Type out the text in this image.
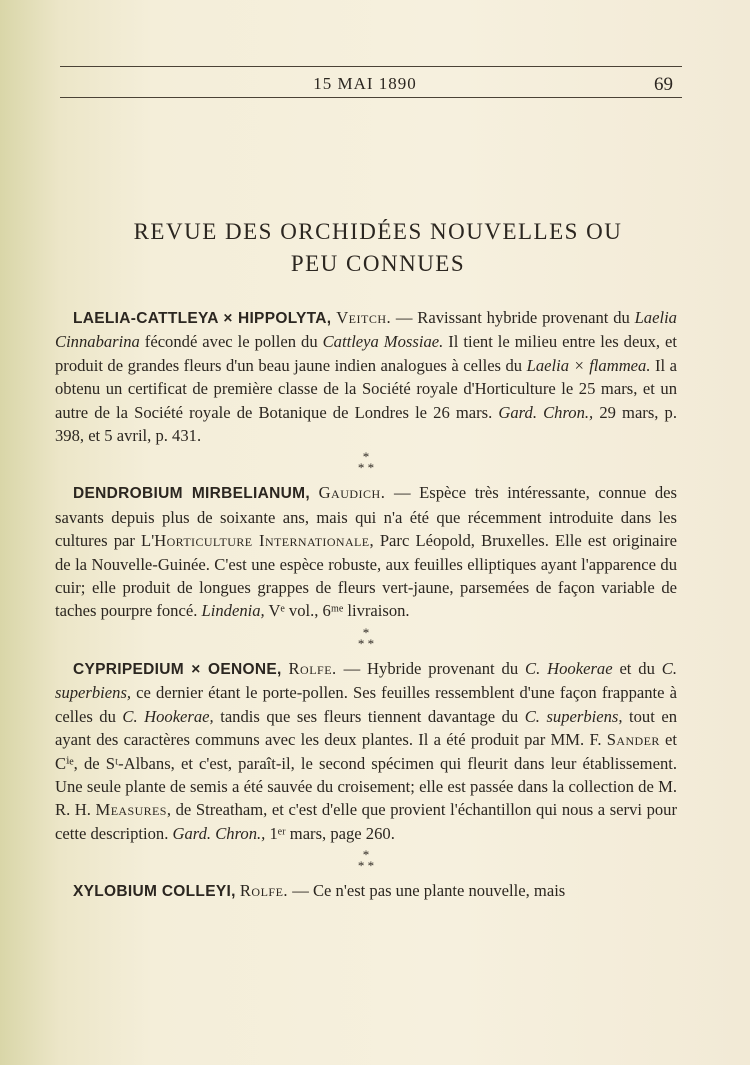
15 MAI 1890	69
REVUE DES ORCHIDÉES NOUVELLES OU
PEU CONNUES

LAELIA-CATTLEYA × HIPPOLYTA, Veitch. — Ravissant hybride provenant du Laelia Cinnabarina fécondé avec le pollen du Cattleya Mossiae. Il tient le milieu entre les deux, et produit de grandes fleurs d'un beau jaune indien analogues à celles du Laelia × flammea. Il a obtenu un certificat de première classe de la Société royale d'Horticulture le 25 mars, et un autre de la Société royale de Botanique de Londres le 26 mars. Gard. Chron., 29 mars, p. 398, et 5 avril, p. 431.

*
* *

DENDROBIUM MIRBELIANUM, Gaudich. — Espèce très intéressante, connue des savants depuis plus de soixante ans, mais qui n'a été que récemment introduite dans les cultures par L'Horticulture Internationale, Parc Léopold, Bruxelles. Elle est originaire de la Nouvelle-Guinée. C'est une espèce robuste, aux feuilles elliptiques ayant l'apparence du cuir; elle produit de longues grappes de fleurs vert-jaune, parsemées de façon variable de taches pourpre foncé. Lindenia, Vᵉ vol., 6ᵐᵉ livraison.

*
* *

CYPRIPEDIUM × OENONE, Rolfe. — Hybride provenant du C. Hookerae et du C. superbiens, ce dernier étant le porte-pollen. Ses feuilles ressemblent d'une façon frappante à celles du C. Hookerae, tandis que ses fleurs tiennent davantage du C. superbiens, tout en ayant des caractères communs avec les deux plantes. Il a été produit par MM. F. Sander et Cⁱᵉ, de Sᵗ-Albans, et c'est, paraît-il, le second spécimen qui fleurit dans leur établissement. Une seule plante de semis a été sauvée du croisement; elle est passée dans la collection de M. R. H. Measures, de Streatham, et c'est d'elle que provient l'échantillon qui nous a servi pour cette description. Gard. Chron., 1ᵉʳ mars, page 260.

*
* *

XYLOBIUM COLLEYI, Rolfe. — Ce n'est pas une plante nouvelle, mais
